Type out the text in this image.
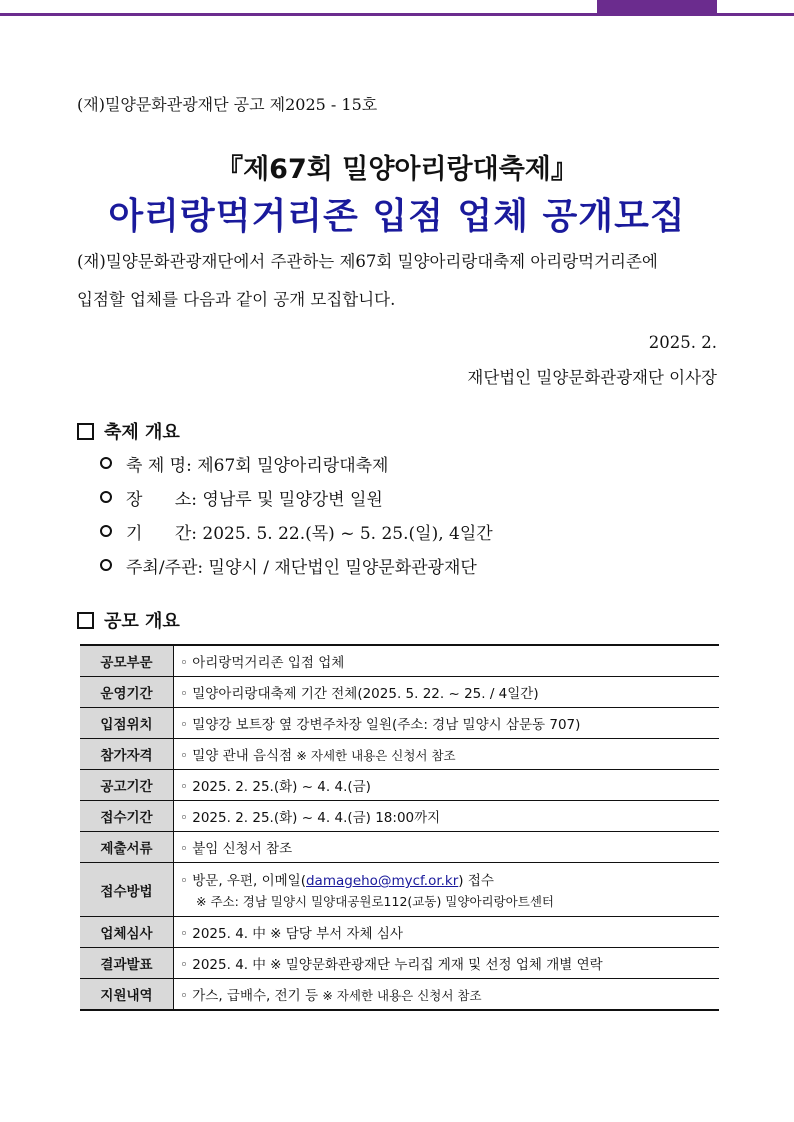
(재)밀양문화관광재단 공고 제2025 - 15호
『제67회 밀양아리랑대축제』
아리랑먹거리존 입점 업체 공개모집

(재)밀양문화관광재단에서 주관하는 제67회 밀양아리랑대축제 아리랑먹거리존에

입점할 업체를 다음과 같이 공개 모집합니다.

2025. 2.
재단법인 밀양문화관광재단 이사장
축제 개요
축 제 명: 제67회 밀양아리랑대축제
장      소: 영남루 및 밀양강변 일원
기      간: 2025. 5. 22.(목) ~ 5. 25.(일), 4일간
주최/주관: 밀양시 / 재단법인 밀양문화관광재단
공모 개요
공모부문	◦ 아리랑먹거리존 입점 업체
운영기간	◦ 밀양아리랑대축제 기간 전체(2025. 5. 22. ~ 25. / 4일간)
입점위치	◦ 밀양강 보트장 옆 강변주차장 일원(주소: 경남 밀양시 삼문동 707)
참가자격	◦ 밀양 관내 음식점 ※ 자세한 내용은 신청서 참조
공고기간	◦ 2025. 2. 25.(화) ~ 4. 4.(금)
접수기간	◦ 2025. 2. 25.(화) ~ 4. 4.(금) 18:00까지
제출서류	◦ 붙임 신청서 참조
접수방법	◦ 방문, 우편, 이메일(damageho@mycf.or.kr) 접수
※ 주소: 경남 밀양시 밀양대공원로112(교동) 밀양아리랑아트센터

업체심사	◦ 2025. 4. 中 ※ 담당 부서 자체 심사
결과발표	◦ 2025. 4. 中 ※ 밀양문화관광재단 누리집 게재 및 선정 업체 개별 연락
지원내역	◦ 가스, 급배수, 전기 등 ※ 자세한 내용은 신청서 참조
